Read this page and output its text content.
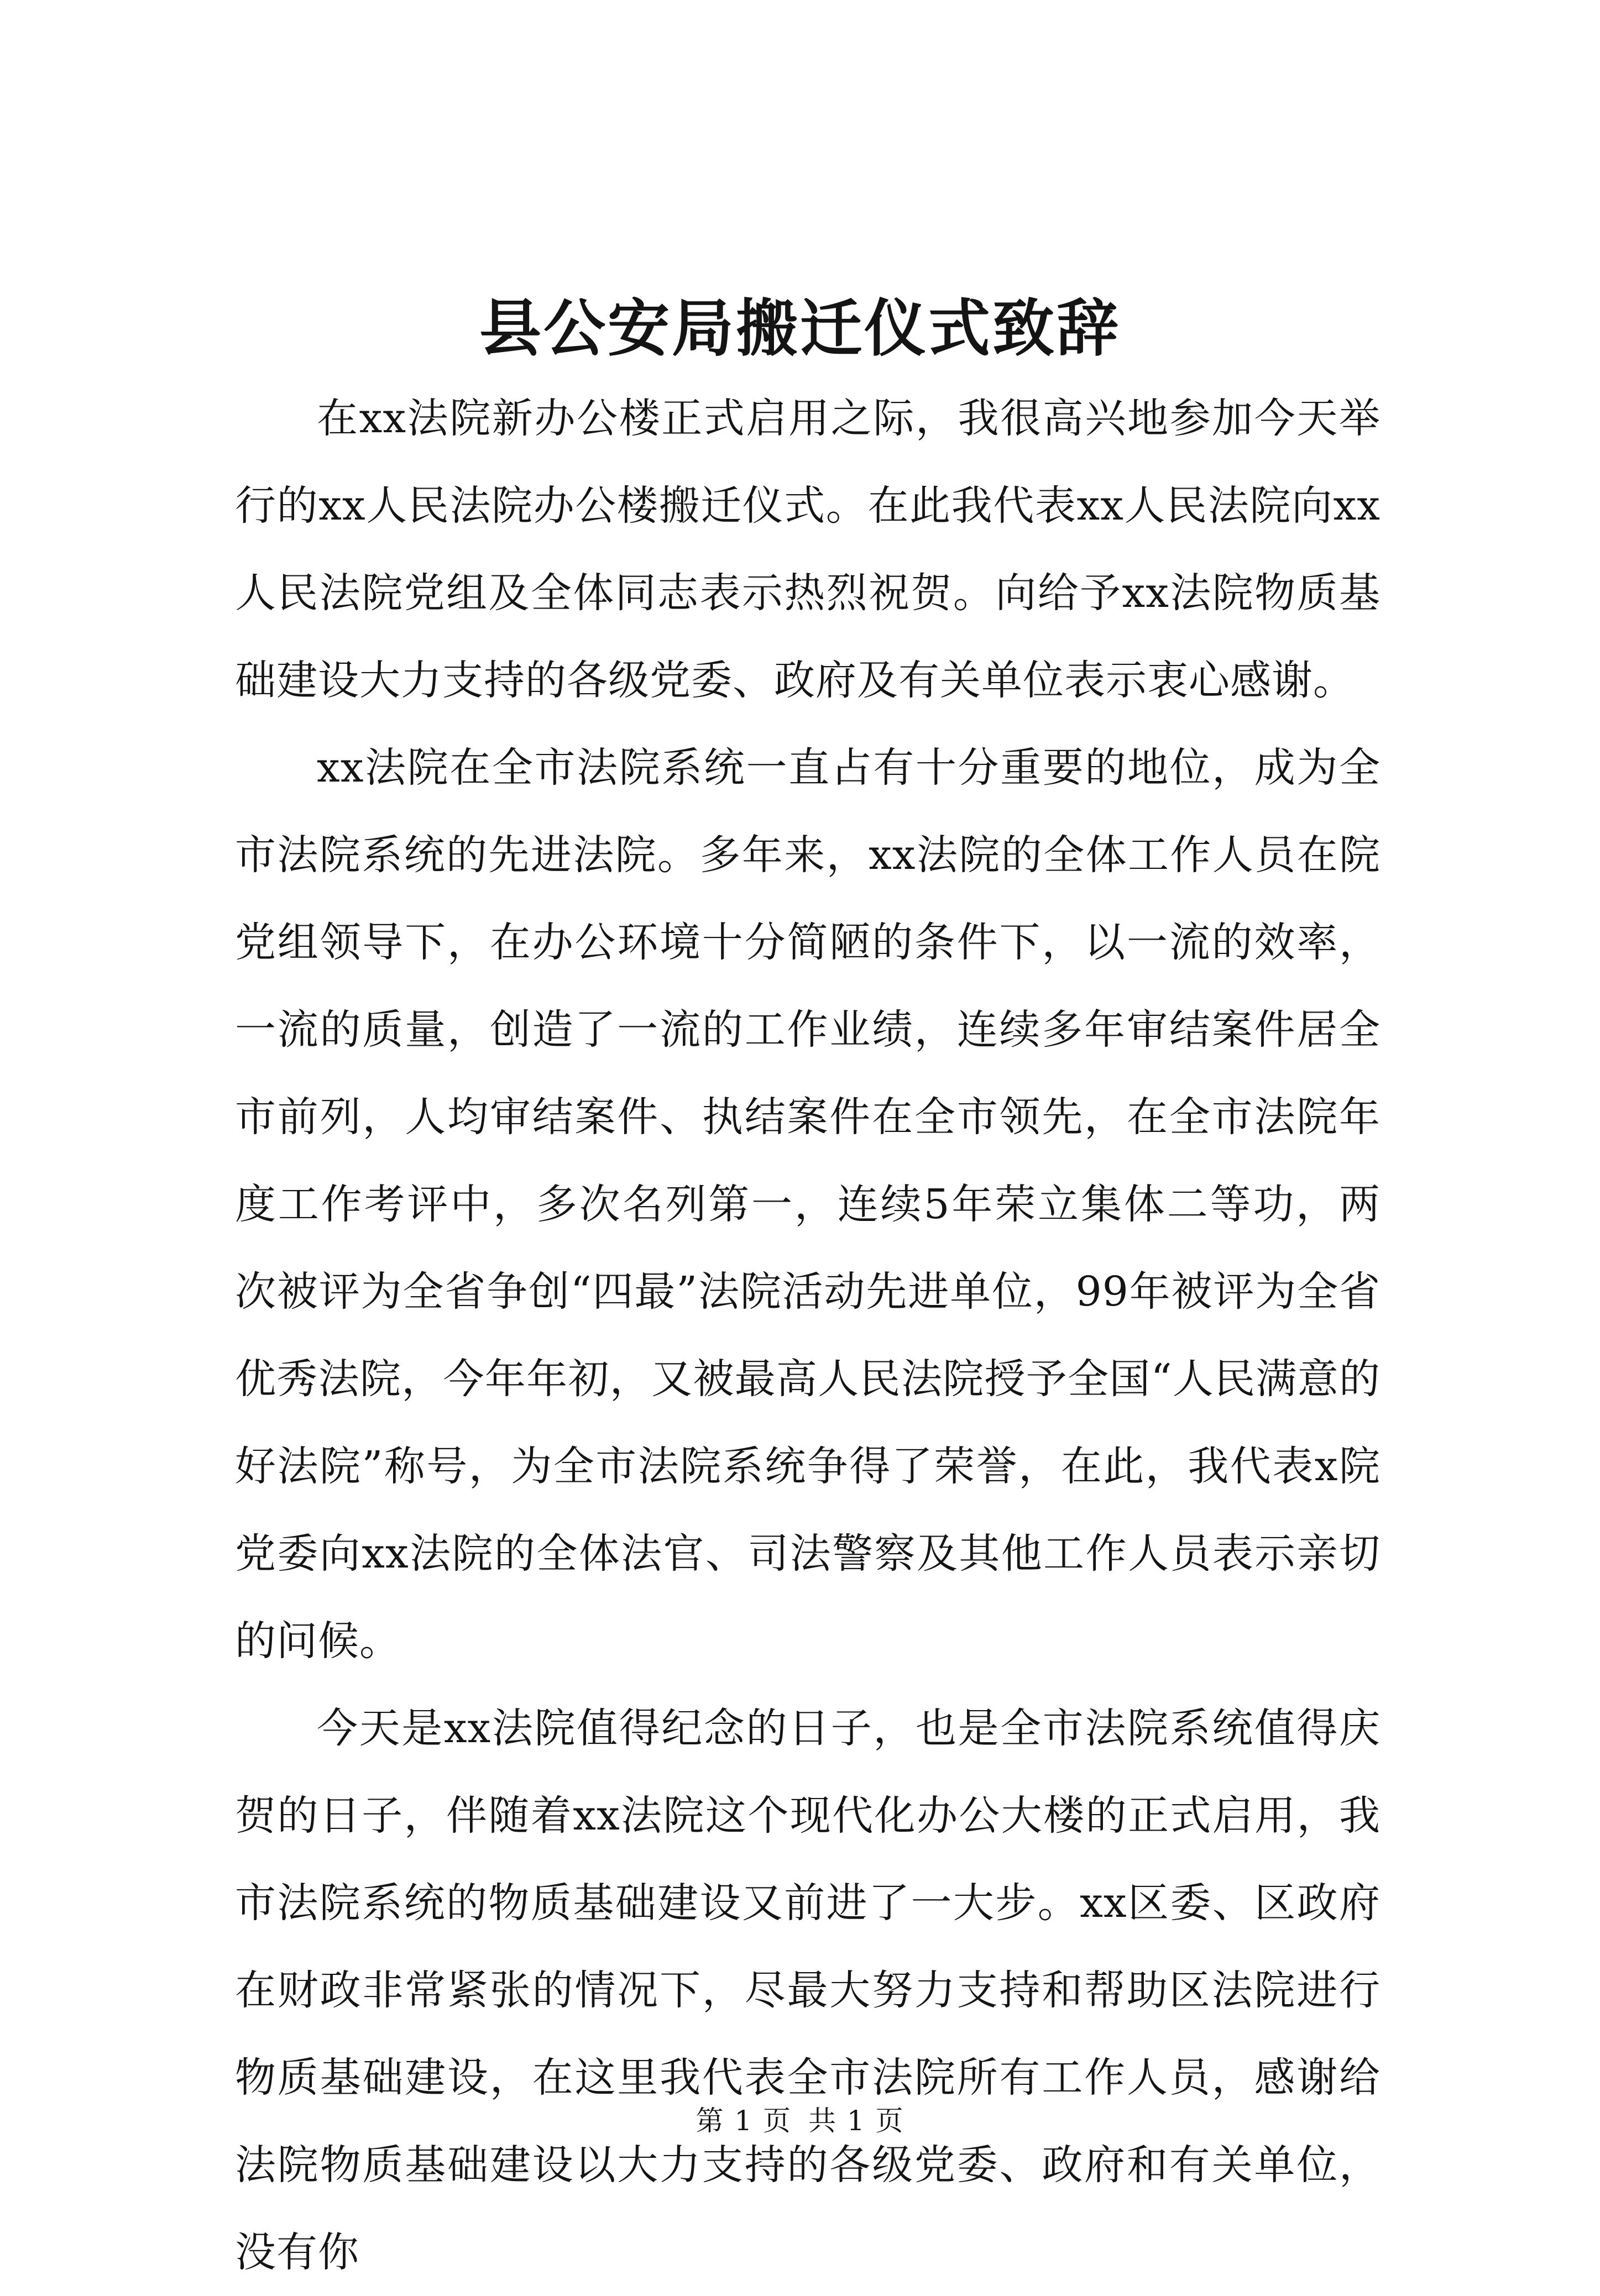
县公安局搬迁仪式致辞

在xx法院新办公楼正式启用之际，我很高兴地参加今天举行的xx人民法院办公楼搬迁仪式。在此我代表xx人民法院向xx人民法院党组及全体同志表示热烈祝贺。向给予xx法院物质基础建设大力支持的各级党委、政府及有关单位表示衷心感谢。

xx法院在全市法院系统一直占有十分重要的地位，成为全市法院系统的先进法院。多年来，xx法院的全体工作人员在院党组领导下，在办公环境十分简陋的条件下，以一流的效率，一流的质量，创造了一流的工作业绩，连续多年审结案件居全市前列，人均审结案件、执结案件在全市领先，在全市法院年度工作考评中，多次名列第一，连续5年荣立集体二等功，两次被评为全省争创“四最”法院活动先进单位，99年被评为全省优秀法院，今年年初，又被最高人民法院授予全国“人民满意的好法院”称号，为全市法院系统争得了荣誉，在此，我代表x院党委向xx法院的全体法官、司法警察及其他工作人员表示亲切的问候。

今天是xx法院值得纪念的日子，也是全市法院系统值得庆贺的日子，伴随着xx法院这个现代化办公大楼的正式启用，我市法院系统的物质基础建设又前进了一大步。xx区委、区政府在财政非常紧张的情况下，尽最大努力支持和帮助区法院进行物质基础建设，在这里我代表全市法院所有工作人员，感谢给法院物质基础建设以大力支持的各级党委、政府和有关单位，没有你

第 1 页 共 1 页
